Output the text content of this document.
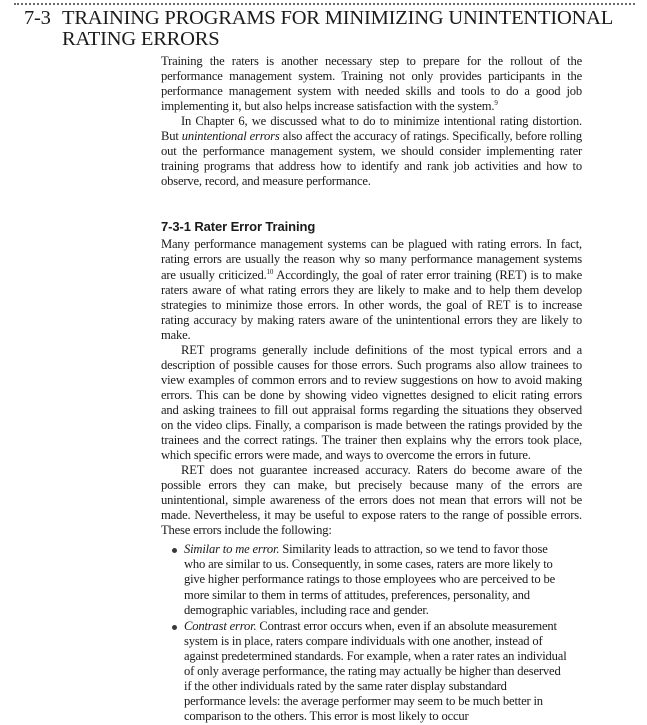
7-3 TRAINING PROGRAMS FOR MINIMIZING UNINTENTIONAL
RATING ERRORS

Training the raters is another necessary step to prepare for the rollout of the performance management system. Training not only provides participants in the performance management system with needed skills and tools to do a good job implementing it, but also helps increase satisfaction with the system.$^9$

In Chapter 6, we discussed what to do to minimize intentional rating distortion. But unintentional errors also affect the accuracy of ratings. Specifically, before rolling out the performance management system, we should consider implementing rater training programs that address how to identify and rank job activities and how to observe, record, and measure performance.

7-3-1 Rater Error Training

Many performance management systems can be plagued with rating errors. In fact, rating errors are usually the reason why so many performance management systems are usually criticized.$^{10}$ Accordingly, the goal of rater error training (RET) is to make raters aware of what rating errors they are likely to make and to help them develop strategies to minimize those errors. In other words, the goal of RET is to increase rating accuracy by making raters aware of the unintentional errors they are likely to make.

RET programs generally include definitions of the most typical errors and a description of possible causes for those errors. Such programs also allow trainees to view examples of common errors and to review suggestions on how to avoid making errors. This can be done by showing video vignettes designed to elicit rating errors and asking trainees to fill out appraisal forms regarding the situations they observed on the video clips. Finally, a comparison is made between the ratings provided by the trainees and the correct ratings. The trainer then explains why the errors took place, which specific errors were made, and ways to overcome the errors in future.

RET does not guarantee increased accuracy. Raters do become aware of the possible errors they can make, but precisely because many of the errors are unintentional, simple awareness of the errors does not mean that errors will not be made. Nevertheless, it may be useful to expose raters to the range of possible errors. These errors include the following:

Similar to me error. Similarity leads to attraction, so we tend to favor those who are similar to us. Consequently, in some cases, raters are more likely to give higher performance ratings to those employees who are perceived to be more similar to them in terms of attitudes, preferences, personality, and demographic variables, including race and gender.
Contrast error. Contrast error occurs when, even if an absolute measurement system is in place, raters compare individuals with one another, instead of against predetermined standards. For example, when a rater rates an individual of only average performance, the rating may actually be higher than deserved if the other individuals rated by the same rater display substandard performance levels: the average performer may seem to be much better in comparison to the others. This error is most likely to occur
